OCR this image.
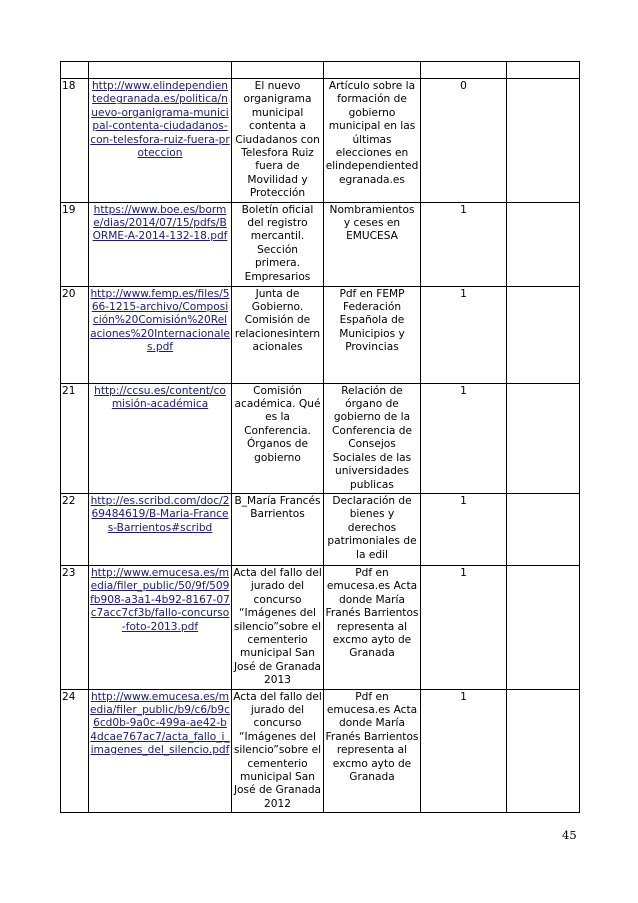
18	http://www.elindependientedegranada.es/politica/nuevo-organigrama-municipal-contenta-ciudadanos-con-telesfora-ruiz-fuera-proteccion	El nuevo organigrama municipal contenta a Ciudadanos con Telesfora Ruiz fuera de Movilidad y Protección	Artículo sobre la formación de gobierno municipal en las últimas elecciones en elindependientedegranada.es	0	
19	https://www.boe.es/borme/dias/2014/07/15/pdfs/BORME-A-2014-132-18.pdf	Boletín oficial del registro mercantil. Sección primera. Empresarios	Nombramientos y ceses en EMUCESA	1	
20	http://www.femp.es/files/566-1215-archivo/Composición%20Comisión%20Relaciones%20Internacionales.pdf	Junta de Gobierno. Comisión de relacionesinternacionales	Pdf en FEMP Federación Española de Municipios y Provincias	1	
21	http://ccsu.es/content/comisión-académica	Comisión académica. Qué es la Conferencia. Órganos de gobierno	Relación de órgano de gobierno de la Conferencia de Consejos Sociales de las universidades publicas	1	
22	http://es.scribd.com/doc/269484619/B-Maria-Frances-Barrientos#scribd	B_María Francés Barrientos	Declaración de bienes y derechos patrimoniales de la edil	1	
23	http://www.emucesa.es/media/filer_public/50/9f/509fb908-a3a1-4b92-8167-07c7acc7cf3b/fallo-concurso-foto-2013.pdf	Acta del fallo del jurado del concurso “Imágenes del silencio”sobre el cementerio municipal San José de Granada 2013	Pdf en emucesa.es Acta donde María Franés Barrientos representa al excmo ayto de Granada	1	
24	http://www.emucesa.es/media/filer_public/b9/c6/b9c6cd0b-9a0c-499a-ae42-b4dcae767ac7/acta_fallo_i_imagenes_del_silencio.pdf	Acta del fallo del jurado del concurso “Imágenes del silencio”sobre el cementerio municipal San José de Granada 2012	Pdf en emucesa.es Acta donde María Franés Barrientos representa al excmo ayto de Granada	1	
45
